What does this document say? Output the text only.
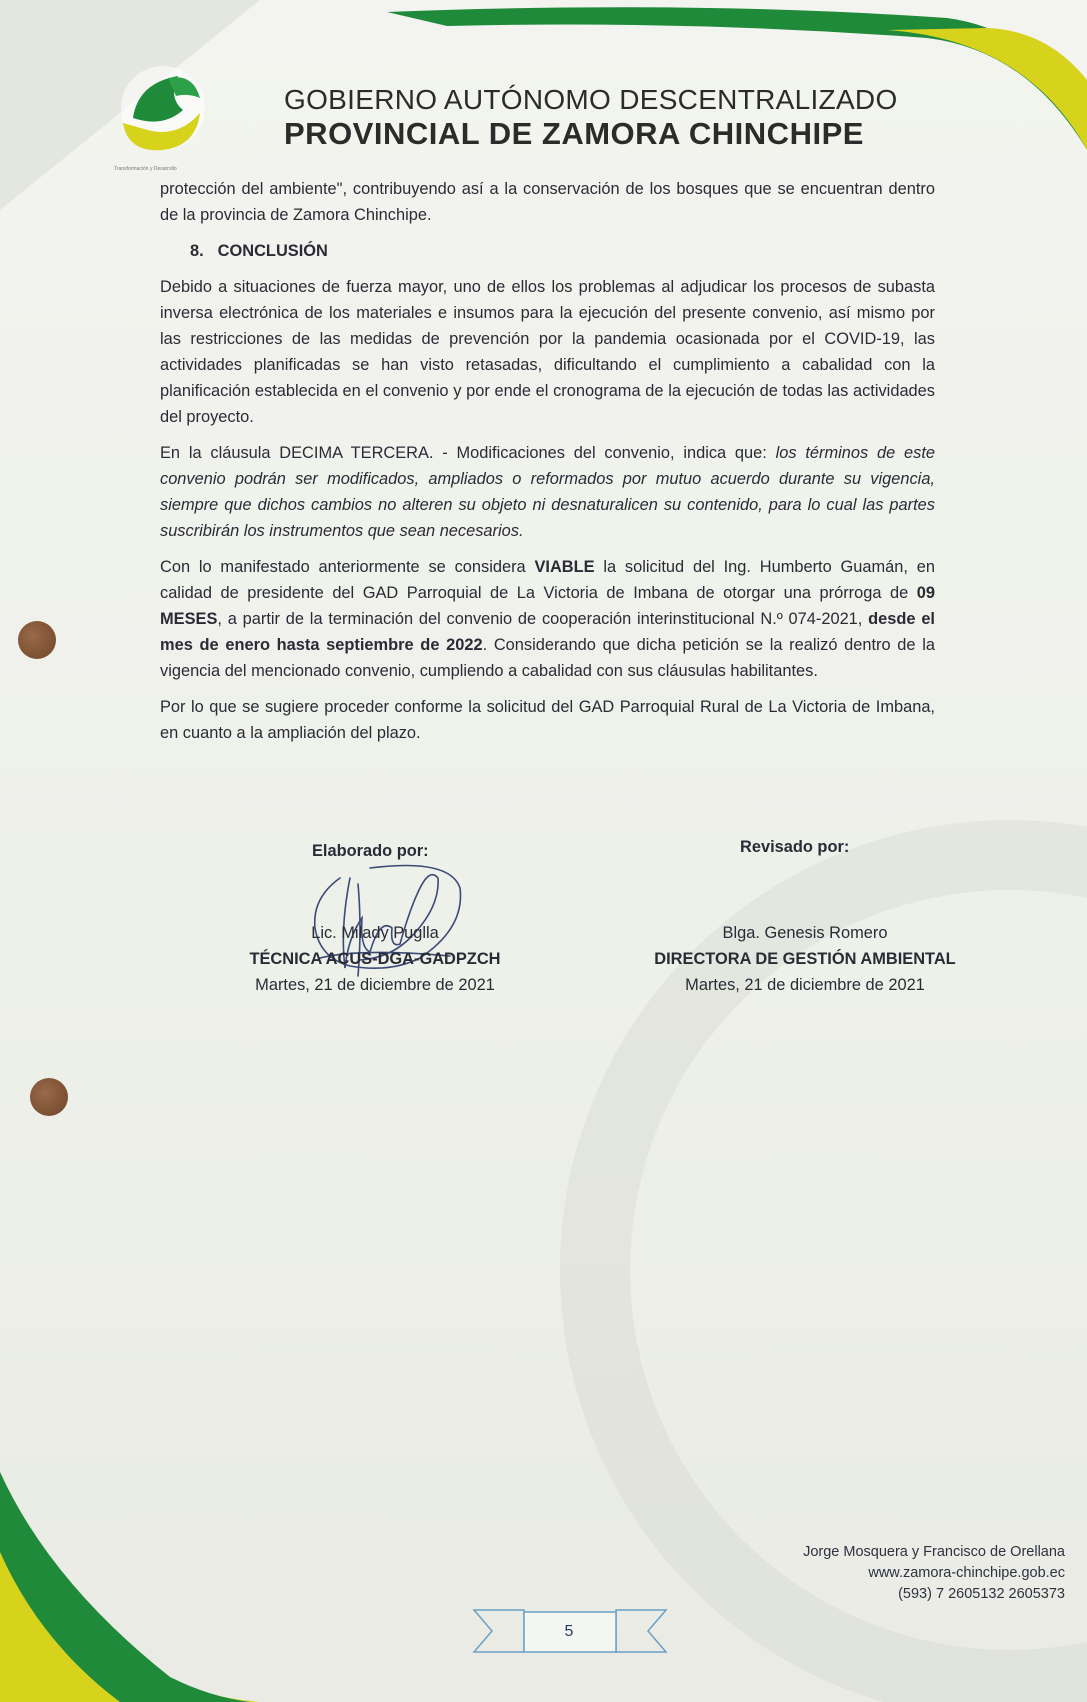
Transformación y Desarrollo
GOBIERNO AUTÓNOMO DESCENTRALIZADO
PROVINCIAL DE ZAMORA CHINCHIPE

protección del ambiente", contribuyendo así a la conservación de los bosques que se encuentran dentro de la provincia de Zamora Chinchipe.

8. CONCLUSIÓN

Debido a situaciones de fuerza mayor, uno de ellos los problemas al adjudicar los procesos de subasta inversa electrónica de los materiales e insumos para la ejecución del presente convenio, así mismo por las restricciones de las medidas de prevención por la pandemia ocasionada por el COVID-19, las actividades planificadas se han visto retasadas, dificultando el cumplimiento a cabalidad con la planificación establecida en el convenio y por ende el cronograma de la ejecución de todas las actividades del proyecto.

En la cláusula DECIMA TERCERA. - Modificaciones del convenio, indica que: los términos de este convenio podrán ser modificados, ampliados o reformados por mutuo acuerdo durante su vigencia, siempre que dichos cambios no alteren su objeto ni desnaturalicen su contenido, para lo cual las partes suscribirán los instrumentos que sean necesarios.

Con lo manifestado anteriormente se considera VIABLE la solicitud del Ing. Humberto Guamán, en calidad de presidente del GAD Parroquial de La Victoria de Imbana de otorgar una prórroga de 09 MESES, a partir de la terminación del convenio de cooperación interinstitucional N.º 074-2021, desde el mes de enero hasta septiembre de 2022. Considerando que dicha petición se la realizó dentro de la vigencia del mencionado convenio, cumpliendo a cabalidad con sus cláusulas habilitantes.

Por lo que se sugiere proceder conforme la solicitud del GAD Parroquial Rural de La Victoria de Imbana, en cuanto a la ampliación del plazo.

Elaborado por:	Revisado por:
Lic. Milady Puglla
TÉCNICA ACUS-DGA-GADPZCH
Martes, 21 de diciembre de 2021
Blga. Genesis Romero
DIRECTORA DE GESTIÓN AMBIENTAL
Martes, 21 de diciembre de 2021
Jorge Mosquera y Francisco de Orellana
www.zamora-chinchipe.gob.ec
(593) 7 2605132 2605373
5
